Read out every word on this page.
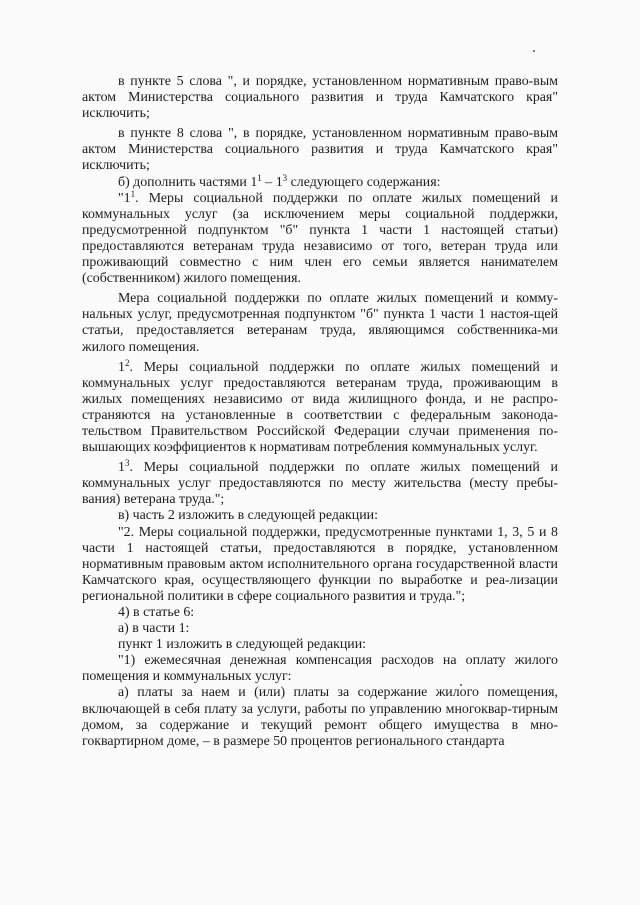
в пункте 5 слова ", и порядке, установленном нормативным право-вым актом Министерства социального развития и труда Камчатского края" исключить;

в пункте 8 слова ", в порядке, установленном нормативным право-вым актом Министерства социального развития и труда Камчатского края" исключить;

б) дополнить частями $1^1 - 1^3$ следующего содержания:

"$1^1$. Меры социальной поддержки по оплате жилых помещений и коммунальных услуг (за исключением меры социальной поддержки, предусмотренной подпунктом "б" пункта 1 части 1 настоящей статьи) предоставляются ветеранам труда независимо от того, ветеран труда или проживающий совместно с ним член его семьи является нанимателем (собственником) жилого помещения.

Мера социальной поддержки по оплате жилых помещений и комму-нальных услуг, предусмотренная подпунктом "б" пункта 1 части 1 настоя-щей статьи, предоставляется ветеранам труда, являющимся собственника-ми жилого помещения.

$1^2$. Меры социальной поддержки по оплате жилых помещений и коммунальных услуг предоставляются ветеранам труда, проживающим в жилых помещениях независимо от вида жилищного фонда, и не распро-страняются на установленные в соответствии с федеральным законода-тельством Правительством Российской Федерации случаи применения по-вышающих коэффициентов к нормативам потребления коммунальных услуг.

$1^3$. Меры социальной поддержки по оплате жилых помещений и коммунальных услуг предоставляются по месту жительства (месту пребы-вания) ветерана труда.";

в) часть 2 изложить в следующей редакции:

"2. Меры социальной поддержки, предусмотренные пунктами 1, 3, 5 и 8 части 1 настоящей статьи, предоставляются в порядке, установленном нормативным правовым актом исполнительного органа государственной власти Камчатского края, осуществляющего функции по выработке и реа-лизации региональной политики в сфере социального развития и труда.";

4) в статье 6:

а) в части 1:

пункт 1 изложить в следующей редакции:

"1) ежемесячная денежная компенсация расходов на оплату жилого помещения и коммунальных услуг:

а) платы за наем и (или) платы за содержание жилого помещения, включающей в себя плату за услуги, работы по управлению многоквар-тирным домом, за содержание и текущий ремонт общего имущества в мно-гоквартирном доме, – в размере 50 процентов регионального стандарта
